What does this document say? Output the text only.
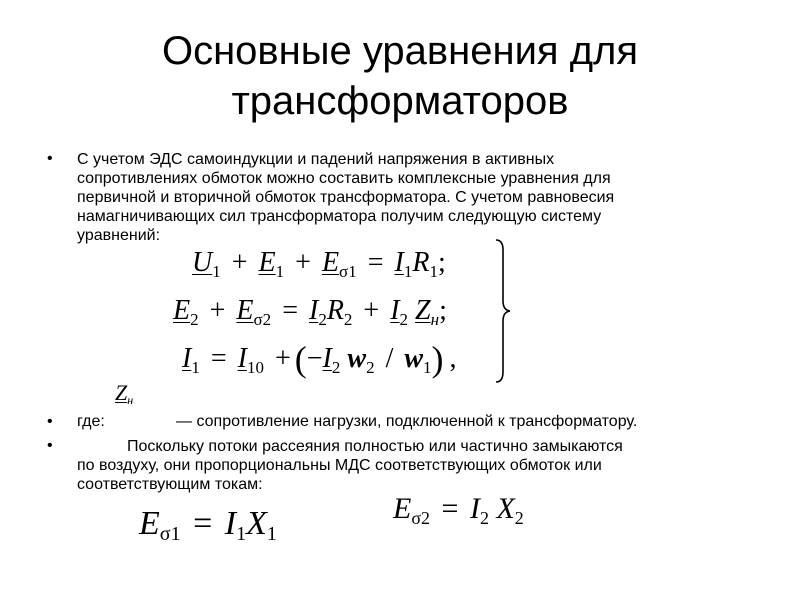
Основные уравнения для
трансформаторов
• С учетом ЭДС самоиндукции и падений напряжения в активных
сопротивлениях обмоток можно составить комплексные уравнения для
первичной и вторичной обмоток трансформатора. С учетом равновесия
намагничивающих сил трансформатора получим следующую систему
уравнений:
$U_1 + E_1 + E_{\sigma 1} = I_1R_1$;
$E_2 + E_{\sigma 2} = I_2R_2 + I_2$ $Z_н$;
$I_1 = I_{10} + (-I_2$ $w_2 / w_1$) ,
$Z_н$
• где:	— сопротивление нагрузки, подключенной к трансформатору.
•	Поскольку потоки рассеяния полностью или частично замыкаются
по воздуху, они пропорциональны МДС соответствующих обмоток или
соответствующим токам:
$E_{\sigma 1} = I_1X_1$
$E_{\sigma 2} = I_2$ $X_2$
